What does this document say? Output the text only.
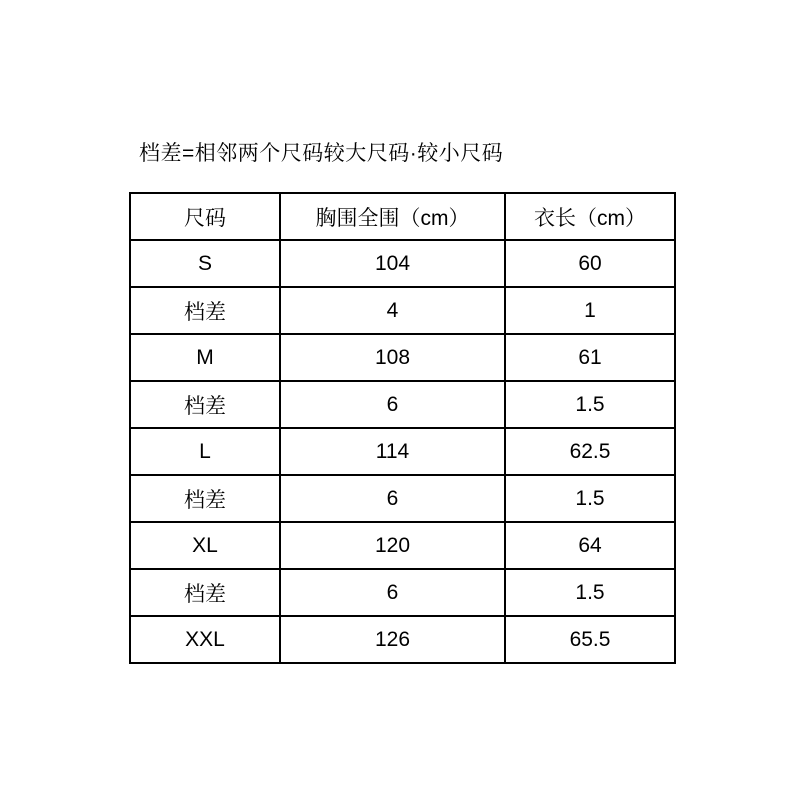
档差=相邻两个尺码较大尺码·较小尺码
尺码	胸围全围（cm）	衣长（cm）
S	104	60
档差	4	1
M	108	61
档差	6	1.5
L	114	62.5
档差	6	1.5
XL	120	64
档差	6	1.5
XXL	126	65.5
